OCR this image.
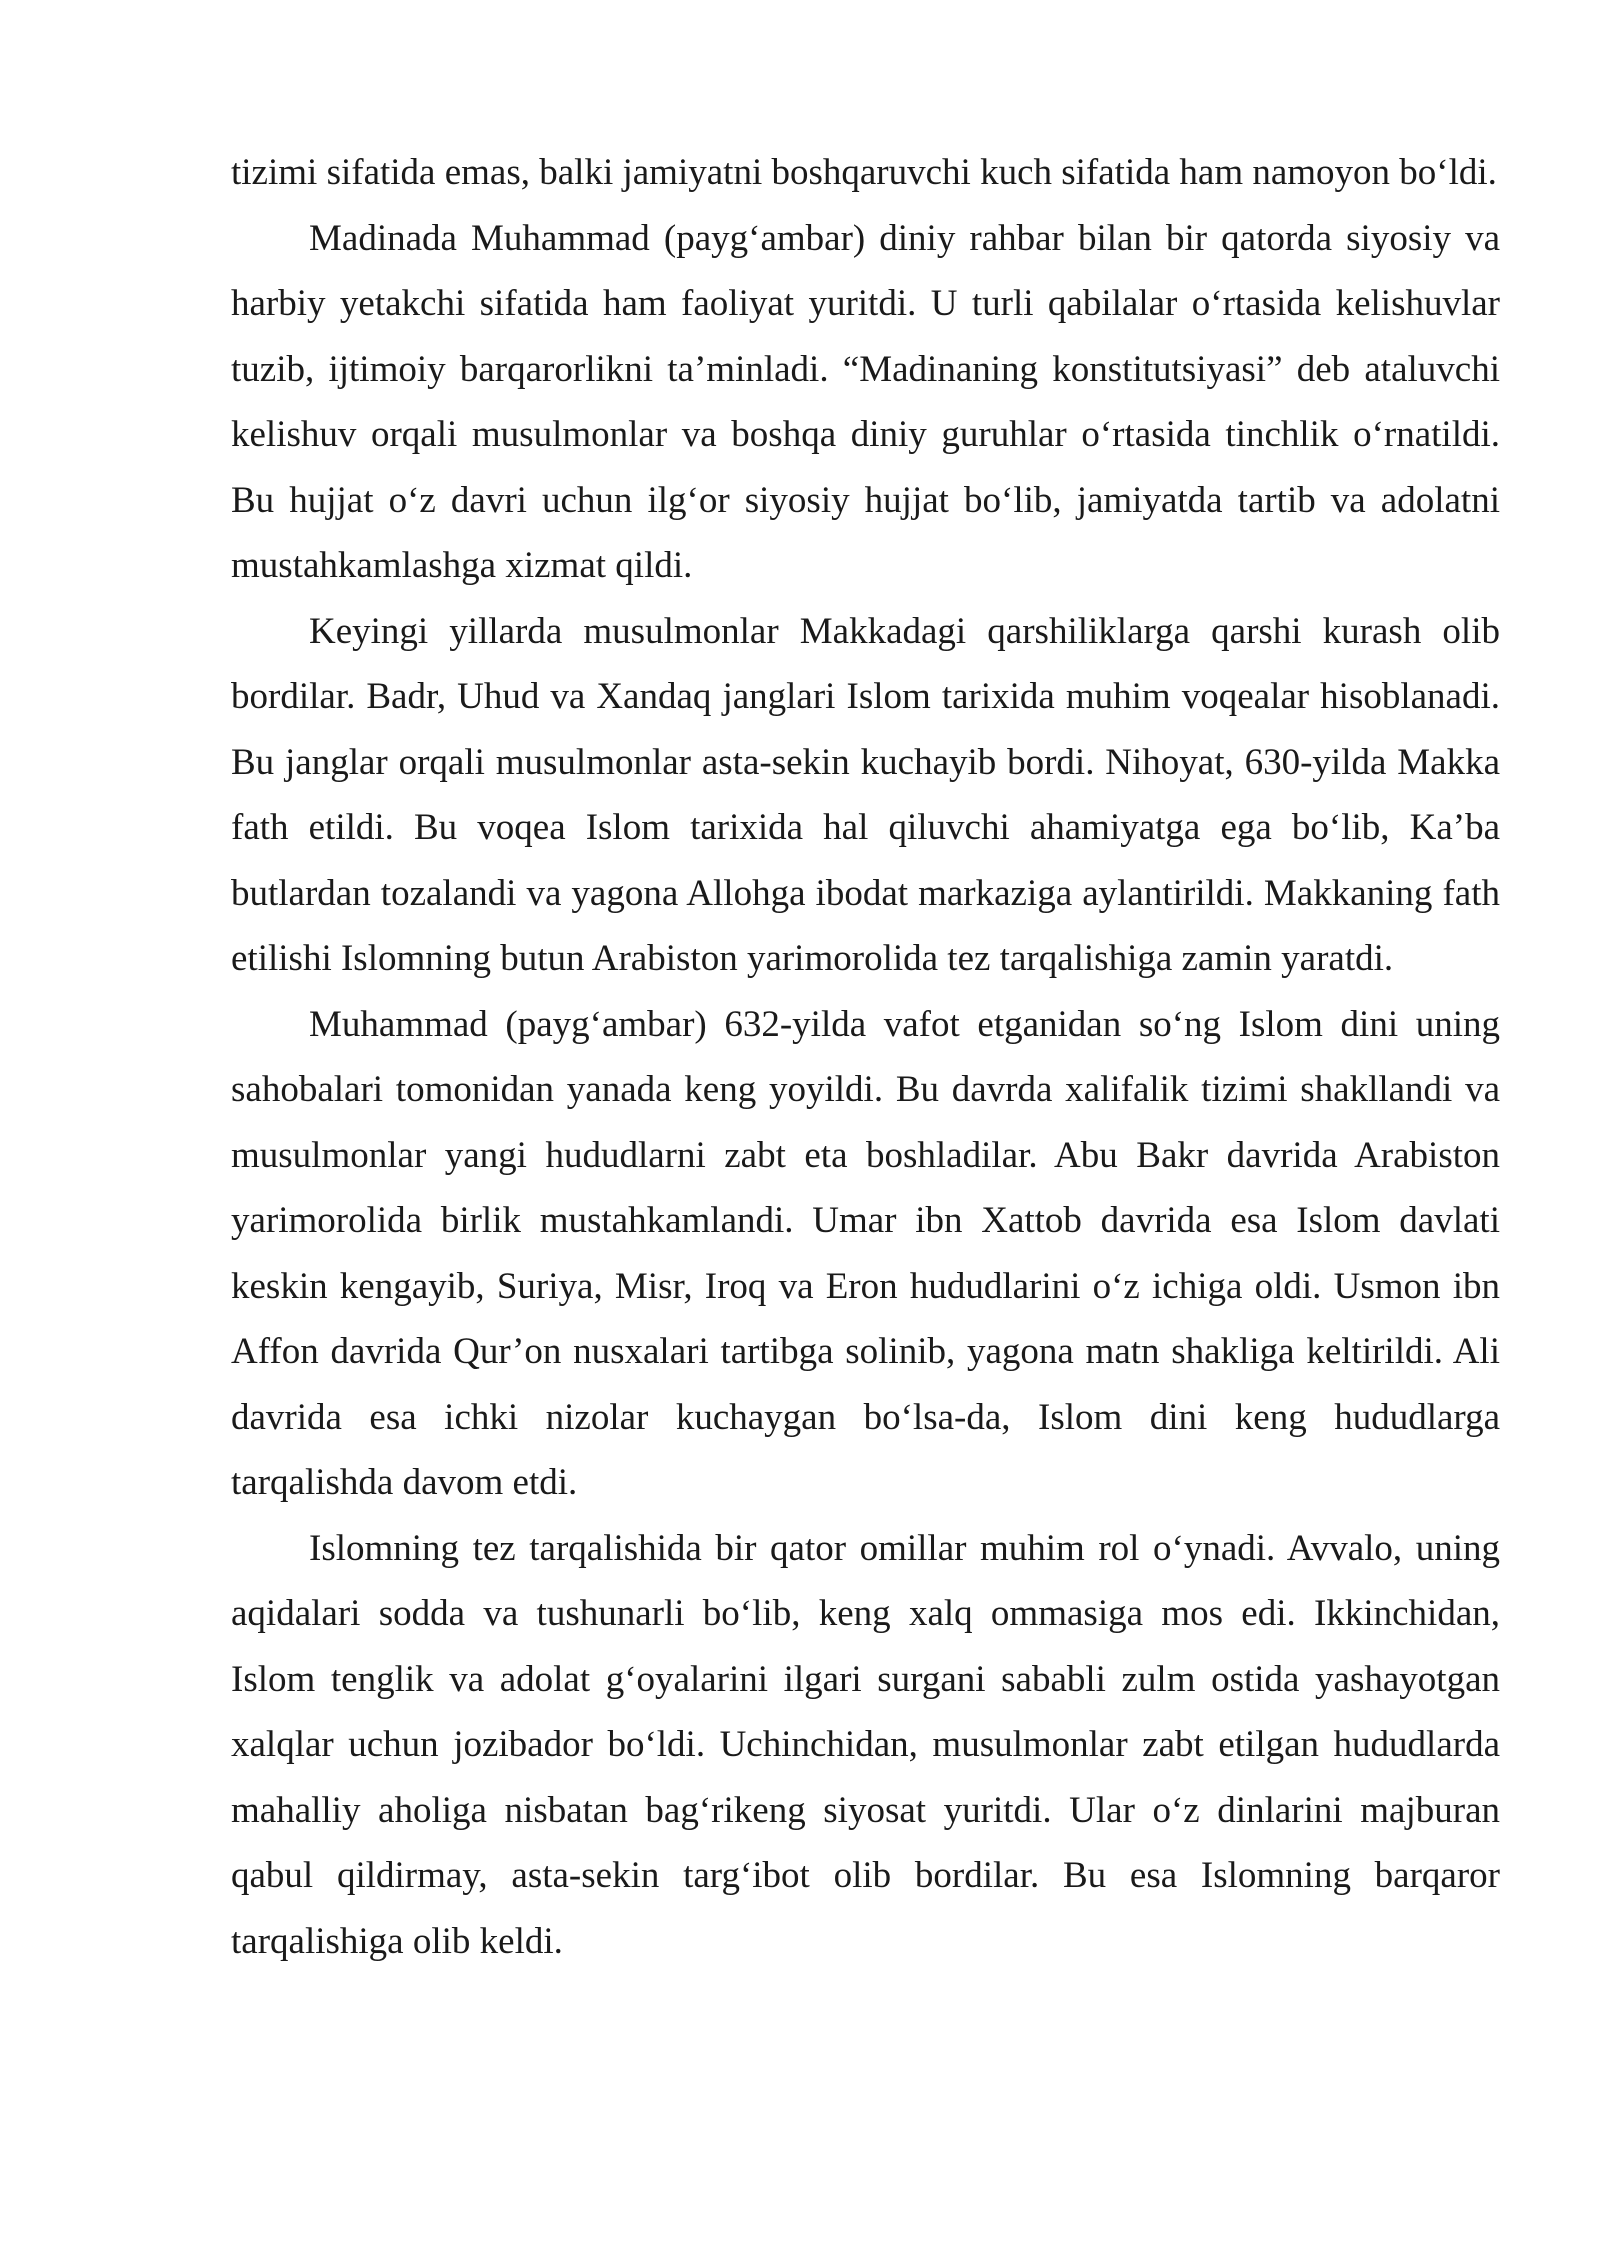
tizimi sifatida emas, balki jamiyatni boshqaruvchi kuch sifatida ham namoyon bo‘ldi.

Madinada Muhammad (payg‘ambar) diniy rahbar bilan bir qatorda siyosiy va harbiy yetakchi sifatida ham faoliyat yuritdi. U turli qabilalar o‘rtasida kelishuvlar tuzib, ijtimoiy barqarorlikni ta’minladi. “Madinaning konstitutsiyasi” deb ataluvchi kelishuv orqali musulmonlar va boshqa diniy guruhlar o‘rtasida tinchlik o‘rnatildi. Bu hujjat o‘z davri uchun ilg‘or siyosiy hujjat bo‘lib, jamiyatda tartib va adolatni mustahkamlashga xizmat qildi.

Keyingi yillarda musulmonlar Makkadagi qarshiliklarga qarshi kurash olib bordilar. Badr, Uhud va Xandaq janglari Islom tarixida muhim voqealar hisoblanadi. Bu janglar orqali musulmonlar asta-sekin kuchayib bordi. Nihoyat, 630-yilda Makka fath etildi. Bu voqea Islom tarixida hal qiluvchi ahamiyatga ega bo‘lib, Ka’ba butlardan tozalandi va yagona Allohga ibodat markaziga aylantirildi. Makkaning fath etilishi Islomning butun Arabiston yarimorolida tez tarqalishiga zamin yaratdi.

Muhammad (payg‘ambar) 632-yilda vafot etganidan so‘ng Islom dini uning sahobalari tomonidan yanada keng yoyildi. Bu davrda xalifalik tizimi shakllandi va musulmonlar yangi hududlarni zabt eta boshladilar. Abu Bakr davrida Arabiston yarimorolida birlik mustahkamlandi. Umar ibn Xattob davrida esa Islom davlati keskin kengayib, Suriya, Misr, Iroq va Eron hududlarini o‘z ichiga oldi. Usmon ibn Affon davrida Qur’on nusxalari tartibga solinib, yagona matn shakliga keltirildi. Ali davrida esa ichki nizolar kuchaygan bo‘lsa-da, Islom dini keng hududlarga tarqalishda davom etdi.

Islomning tez tarqalishida bir qator omillar muhim rol o‘ynadi. Avvalo, uning aqidalari sodda va tushunarli bo‘lib, keng xalq ommasiga mos edi. Ikkinchidan, Islom tenglik va adolat g‘oyalarini ilgari surgani sababli zulm ostida yashayotgan xalqlar uchun jozibador bo‘ldi. Uchinchidan, musulmonlar zabt etilgan hududlarda mahalliy aholiga nisbatan bag‘rikeng siyosat yuritdi. Ular o‘z dinlarini majburan qabul qildirmay, asta-sekin targ‘ibot olib bordilar. Bu esa Islomning barqaror tarqalishiga olib keldi.
